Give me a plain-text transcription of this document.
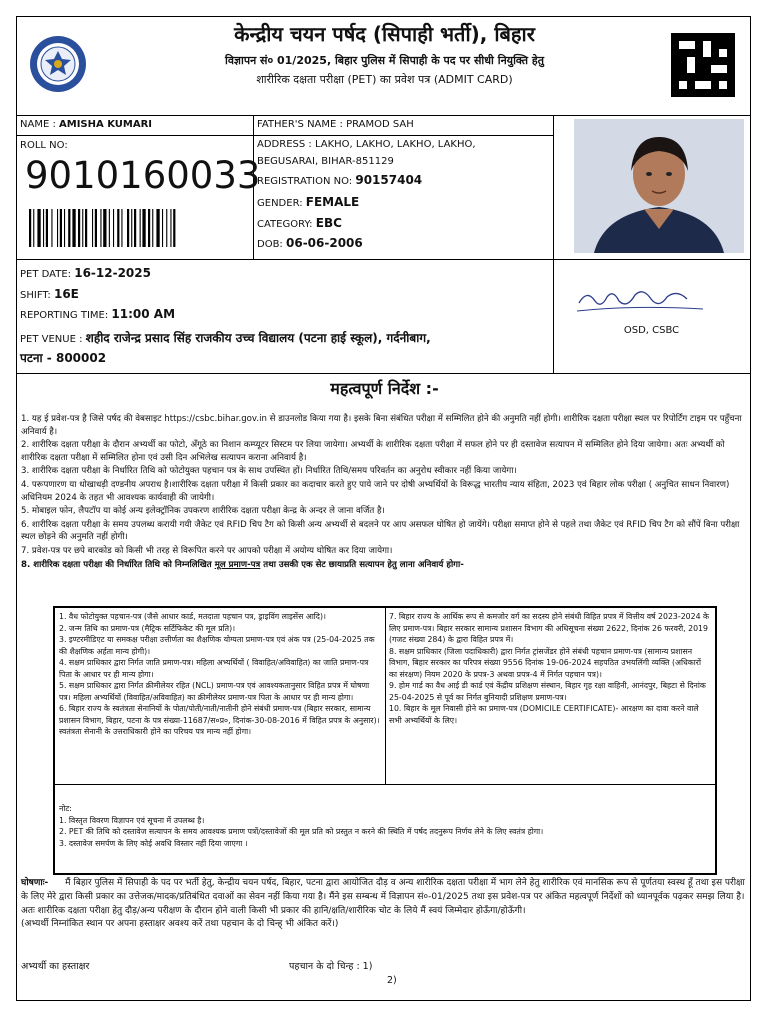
केन्द्रीय चयन पर्षद (सिपाही भर्ती), बिहार
विज्ञापन सं० 01/2025, बिहार पुलिस में सिपाही के पद पर सीधी नियुक्ति हेतु
शारीरिक दक्षता परीक्षा (PET) का प्रवेश पत्र (ADMIT CARD)
NAME : AMISHA KUMARI	FATHER'S NAME : PRAMOD SAH
ROLL NO:
9010160033
ADDRESS : LAKHO, LAKHO, LAKHO, LAKHO,
BEGUSARAI, BIHAR-851129
REGISTRATION NO: 90157404
GENDER: FEMALE
CATEGORY: EBC
DOB: 06-06-2006
PET DATE: 16-12-2025
SHIFT: 16E
REPORTING TIME: 11:00 AM
PET VENUE : शहीद राजेन्द्र प्रसाद सिंह राजकीय उच्च विद्यालय (पटना हाई स्कूल), गर्दनीबाग,
पटना - 800002
OSD, CSBC
महत्वपूर्ण निर्देश :-

1. यह ई प्रवेश-पत्र है जिसे पर्षद की वेबसाइट https://csbc.bihar.gov.in से डाउनलोड किया गया है। इसके बिना संबंधित परीक्षा में सम्मिलित होने की अनुमति नहीं होगी। शारीरिक दक्षता परीक्षा स्थल पर रिपोर्टिंग टाइम पर पहुँचना अनिवार्य है।

2. शारीरिक दक्षता परीक्षा के दौरान अभ्यर्थी का फोटो, अँगूठे का निशान कम्प्यूटर सिस्टम पर लिया जायेगा। अभ्यर्थी के शारीरिक दक्षता परीक्षा में सफल होने पर ही दस्तावेज सत्यापन में सम्मिलित होने दिया जायेगा। अतः अभ्यर्थी को शारीरिक दक्षता परीक्षा में सम्मिलित होना एवं उसी दिन अभिलेख सत्यापन कराना अनिवार्य है।

3. शारीरिक दक्षता परीक्षा के निर्धारित तिथि को फोटोयुक्त पहचान पत्र के साथ उपस्थित हों। निर्धारित तिथि/समय परिवर्तन का अनुरोध स्वीकार नहीं किया जायेगा।

4. परूपणारण या धोखाधड़ी दण्डनीय अपराध है।शारीरिक दक्षता परीक्षा में किसी प्रकार का कदाचार करते हुए पाये जाने पर दोषी अभ्यर्थियों के विरूद्ध भारतीय न्याय संहिता, 2023 एवं बिहार लोक परीक्षा ( अनुचित साधन निवारण) अधिनियम 2024 के तहत भी आवश्यक कार्यवाही की जायेगी।

5. मोबाइल फोन, लैपटॉप या कोई अन्य इलेक्ट्रॉनिक उपकरण शारीरिक दक्षता परीक्षा केन्द्र के अन्दर ले जाना वर्जित है।

6. शारीरिक दक्षता परीक्षा के समय उपलब्ध करायी गयी जैकेट एवं RFID चिप टैग को किसी अन्य अभ्यर्थी से बदलने पर आप असफल घोषित हो जायेंगे। परीक्षा समाप्त होने से पहले तथा जैकेट एवं RFID चिप टैग को सौंपें बिना परीक्षा स्थल छोड़ने की अनुमति नहीं होगी।

7. प्रवेश-पत्र पर छपे बारकोड को किसी भी तरह से विरूपित करने पर आपको परीक्षा में अयोग्य घोषित कर दिया जायेगा।

8. शारीरिक दक्षता परीक्षा की निर्धारित तिथि को निम्नलिखित मूल प्रमाण-पत्र तथा उसकी एक सेट छायाप्रति सत्यापन हेतु लाना अनिवार्य होगा-

1. वैध फोटोयुक्त पहचान-पत्र (जैसे आधार कार्ड, मतदाता पहचान पत्र, ड्राइविंग लाइसेंस आदि)।
2. जन्म तिथि का प्रमाण-पत्र (मैट्रिक सर्टिफिकेट की मूल प्रति)।
3. इण्टरमीडिएट या समकक्ष परीक्षा उत्तीर्णता का शैक्षणिक योग्यता प्रमाण-पत्र एवं अंक पत्र (25-04-2025 तक की शैक्षणिक अर्हता मान्य होगी)।
4. सक्षम प्राधिकार द्वारा निर्गत जाति प्रमाण-पत्र। महिला अभ्यर्थियों ( विवाहित/अविवाहित) का जाति प्रमाण-पत्र पिता के आधार पर ही मान्य होगा।
5. सक्षम प्राधिकार द्वारा निर्गत क्रीमीलेयर रहित (NCL) प्रमाण-पत्र एवं आवश्यकतानुसार विहित प्रपत्र में घोषणा पत्र। महिला अभ्यर्थियों (विवाहित/अविवाहित) का क्रीमीलेयर प्रमाण-पत्र पिता के आधार पर ही मान्य होगा।
6. बिहार राज्य के स्वतंत्रता सेनानियों के पोता/पोती/नाती/नातीनी होने संबंधी प्रमाण-पत्र (बिहार सरकार, सामान्य प्रशासन विभाग, बिहार, पटना के पत्र संख्या-11687/स०प्र०, दिनांक-30-08-2016 में विहित प्रपत्र के अनुसार)। स्वतंत्रता सेनानी के उत्तराधिकारी होने का परिचय पत्र मान्य नहीं होगा।
7. बिहार राज्य के आर्थिक रूप से कमजोर वर्ग का सदस्य होने संबंधी विहित प्रपत्र में वित्तीय वर्ष 2023-2024 के लिए प्रमाण-पत्र। बिहार सरकार सामान्य प्रशासन विभाग की अधिसूचना संख्या 2622, दिनांक 26 फरवरी, 2019 (गजट संख्या 284) के द्वारा विहित प्रपत्र में।
8. सक्षम प्राधिकार (जिला पदाधिकारी) द्वारा निर्गत ट्रांसजेंडर होने संबंधी पहचान प्रमाण-पत्र (सामान्य प्रशासन विभाग, बिहार सरकार का परिपत्र संख्या 9556 दिनांक 19-06-2024 सहपठित उभयलिंगी व्यक्ति (अधिकारों का संरक्षण) नियम 2020 के प्रपत्र-3 अथवा प्रपत्र-4 में निर्गत पहचान पत्र)।
9. होम गार्ड का वैध आई डी कार्ड एवं केंद्रीय प्रशिक्षण संस्थान, बिहार गृह रक्षा वाहिनी, आनंदपुर, बिहटा से दिनांक 25-04-2025 से पूर्व का निर्गत बुनियादी प्रशिक्षण प्रमाण-पत्र।
10. बिहार के मूल निवासी होने का प्रमाण-पत्र (DOMICILE CERTIFICATE)- आरक्षण का दावा करने वाले सभी अभ्यर्थियों के लिए।
नोट:
1. विस्तृत विवरण विज्ञापन एवं सूचना में उपलब्ध है।
2. PET की तिथि को दस्तावेज सत्यापन के समय आवश्यक प्रमाण पत्रों/दस्तावेजों की मूल प्रति को प्रस्तुत न करने की स्थिति में पर्षद तदनुरूप निर्णय लेने के लिए स्वतंत्र होगा।
3. दस्तावेज समर्पण के लिए कोई अवधि विस्तार नहीं दिया जाएगा ।
घोषणाः- मैं बिहार पुलिस में सिपाही के पद पर भर्ती हेतु, केन्द्रीय चयन पर्षद, बिहार, पटना द्वारा आयोजित दौड़ व अन्य शारीरिक दक्षता परीक्षा में भाग लेने हेतु शारीरिक एवं मानसिक रूप से पूर्णतया स्वस्थ हूँ तथा इस परीक्षा के लिए मेरे द्वारा किसी प्रकार का उत्तेजक/मादक/प्रतिबंधित दवाओं का सेवन नहीं किया गया है। मैंने इस सम्बन्ध में विज्ञापन सं०-01/2025 तथा इस प्रवेश-पत्र पर अंकित महत्वपूर्ण निर्देशों को ध्यानपूर्वक पढ़कर समझ लिया है। अतः शारीरिक दक्षता परीक्षा हेतु दौड़/अन्य परीक्षण के दौरान होने वाली किसी भी प्रकार की हानि/क्षति/शारीरिक चोट के लिये मैं स्वयं जिम्मेदार होऊँगा/होऊँगी।
(अभ्यर्थी निम्नांकित स्थान पर अपना हस्ताक्षर अवश्य करें तथा पहचान के दो चिन्ह् भी अंकित करें।)
अभ्यर्थी का हस्ताक्षर	पहचान के दो चिन्ह : 1)
2)
